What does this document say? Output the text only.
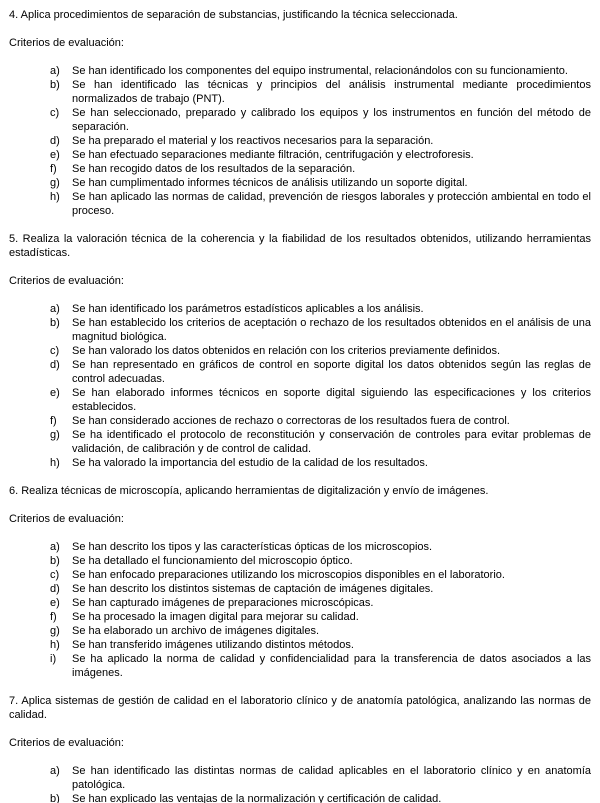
4. Aplica procedimientos de separación de substancias, justificando la técnica seleccionada.

Criterios de evaluación:

a)	Se han identificado los componentes del equipo instrumental, relacionándolos con su funcionamiento.
b)	Se han identificado las técnicas y principios del análisis instrumental mediante procedimientos normalizados de trabajo (PNT).
c)	Se han seleccionado, preparado y calibrado los equipos y los instrumentos en función del método de separación.
d)	Se ha preparado el material y los reactivos necesarios para la separación.
e)	Se han efectuado separaciones mediante filtración, centrifugación y electroforesis.
f)	Se han recogido datos de los resultados de la separación.
g)	Se han cumplimentado informes técnicos de análisis utilizando un soporte digital.
h)	Se han aplicado las normas de calidad, prevención de riesgos laborales y protección ambiental en todo el proceso.

5. Realiza la valoración técnica de la coherencia y la fiabilidad de los resultados obtenidos, utilizando herramientas estadísticas.

Criterios de evaluación:

a)	Se han identificado los parámetros estadísticos aplicables a los análisis.
b)	Se han establecido los criterios de aceptación o rechazo de los resultados obtenidos en el análisis de una magnitud biológica.
c)	Se han valorado los datos obtenidos en relación con los criterios previamente definidos.
d)	Se han representado en gráficos de control en soporte digital los datos obtenidos según las reglas de control adecuadas.
e)	Se han elaborado informes técnicos en soporte digital siguiendo las especificaciones y los criterios establecidos.
f)	Se han considerado acciones de rechazo o correctoras de los resultados fuera de control.
g)	Se ha identificado el protocolo de reconstitución y conservación de controles para evitar problemas de validación, de calibración y de control de calidad.
h)	Se ha valorado la importancia del estudio de la calidad de los resultados.

6. Realiza técnicas de microscopía, aplicando herramientas de digitalización y envío de imágenes.

Criterios de evaluación:

a)	Se han descrito los tipos y las características ópticas de los microscopios.
b)	Se ha detallado el funcionamiento del microscopio óptico.
c)	Se han enfocado preparaciones utilizando los microscopios disponibles en el laboratorio.
d)	Se han descrito los distintos sistemas de captación de imágenes digitales.
e)	Se han capturado imágenes de preparaciones microscópicas.
f)	Se ha procesado la imagen digital para mejorar su calidad.
g)	Se ha elaborado un archivo de imágenes digitales.
h)	Se han transferido imágenes utilizando distintos métodos.
i)	Se ha aplicado la norma de calidad y confidencialidad para la transferencia de datos asociados a las imágenes.

7. Aplica sistemas de gestión de calidad en el laboratorio clínico y de anatomía patológica, analizando las normas de calidad.

Criterios de evaluación:

a)	Se han identificado las distintas normas de calidad aplicables en el laboratorio clínico y en anatomía patológica.
b)	Se han explicado las ventajas de la normalización y certificación de calidad.
